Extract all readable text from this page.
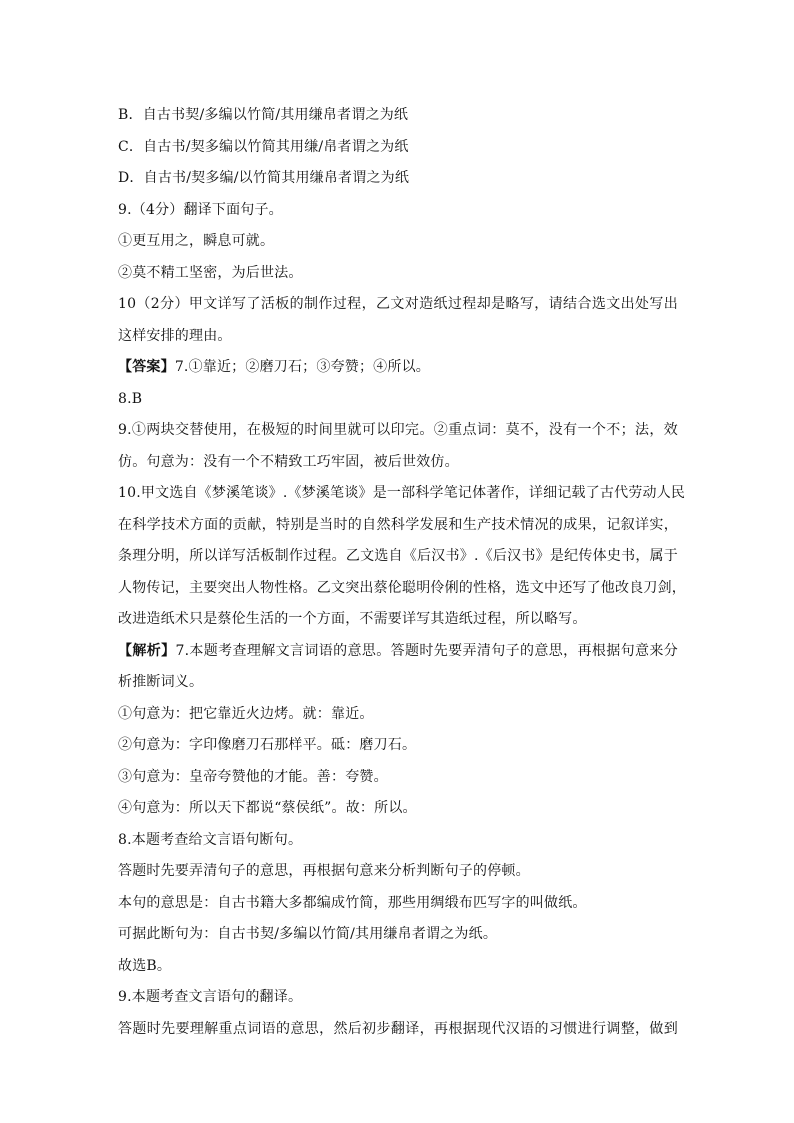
B．自古书契/多编以竹简/其用缣帛者谓之为纸
C．自古书/契多编以竹简其用缣/帛者谓之为纸
D．自古书/契多编/以竹简其用缣帛者谓之为纸
9.（4分）翻译下面句子。
①更互用之，瞬息可就。
②莫不精工坚密，为后世法。
10（2分）甲文详写了活板的制作过程，乙文对造纸过程却是略写，请结合选文出处写出
这样安排的理由。
【答案】7.①靠近；②磨刀石；③夸赞；④所以。
8.B
9.①两块交替使用，在极短的时间里就可以印完。②重点词：莫不，没有一个不；法，效
仿。句意为：没有一个不精致工巧牢固，被后世效仿。
10.甲文选自《梦溪笔谈》.《梦溪笔谈》是一部科学笔记体著作，详细记载了古代劳动人民
在科学技术方面的贡献，特别是当时的自然科学发展和生产技术情况的成果，记叙详实，
条理分明，所以详写活板制作过程。乙文选自《后汉书》.《后汉书》是纪传体史书，属于
人物传记，主要突出人物性格。乙文突出蔡伦聪明伶俐的性格，选文中还写了他改良刀剑，
改进造纸术只是蔡伦生活的一个方面，不需要详写其造纸过程，所以略写。
【解析】7.本题考查理解文言词语的意思。答题时先要弄清句子的意思，再根据句意来分
析推断词义。
①句意为：把它靠近火边烤。就：靠近。
②句意为：字印像磨刀石那样平。砥：磨刀石。
③句意为：皇帝夸赞他的才能。善：夸赞。
④句意为：所以天下都说“蔡侯纸”。故：所以。
8.本题考查给文言语句断句。
答题时先要弄清句子的意思，再根据句意来分析判断句子的停顿。
本句的意思是：自古书籍大多都编成竹简，那些用绸缎布匹写字的叫做纸。
可据此断句为：自古书契/多编以竹简/其用缣帛者谓之为纸。
故选B。
9.本题考查文言语句的翻译。
答题时先要理解重点词语的意思，然后初步翻译，再根据现代汉语的习惯进行调整，做到
